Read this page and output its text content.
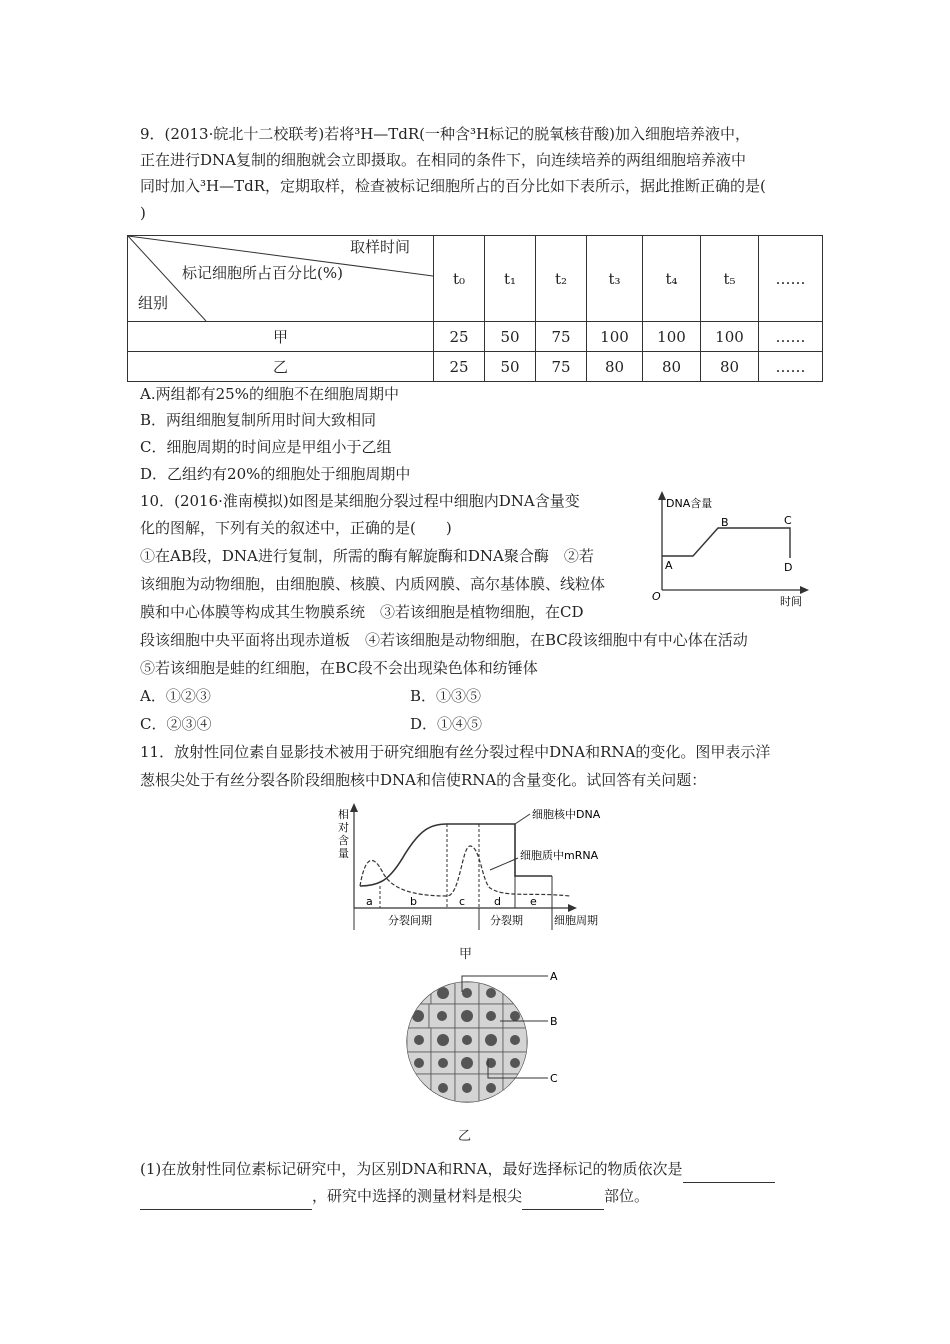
9．(2013·皖北十二校联考)若将³H—TdR(一种含³H标记的脱氧核苷酸)加入细胞培养液中，
正在进行DNA复制的细胞就会立即摄取。在相同的条件下，向连续培养的两组细胞培养液中
同时加入³H—TdR，定期取样，检查被标记细胞所占的百分比如下表所示，据此推断正确的是(
)
取样时间
标记细胞所占百分比(%)
组别	t₀	t₁	t₂	t₃	t₄	t₅	……
甲	25	50	75	100	100	100	……
乙	25	50	75	80	80	80	……
A.两组都有25%的细胞不在细胞周期中
B．两组细胞复制所用时间大致相同
C．细胞周期的时间应是甲组小于乙组
D．乙组约有20%的细胞处于细胞周期中
10．(2016·淮南模拟)如图是某细胞分裂过程中细胞内DNA含量变
化的图解，下列有关的叙述中，正确的是(　　)
①在AB段，DNA进行复制，所需的酶有解旋酶和DNA聚合酶　②若
该细胞为动物细胞，由细胞膜、核膜、内质网膜、高尔基体膜、线粒体
膜和中心体膜等构成其生物膜系统　③若该细胞是植物细胞，在CD
段该细胞中央平面将出现赤道板　④若该细胞是动物细胞，在BC段该细胞中有中心体在活动
⑤若该细胞是蛙的红细胞，在BC段不会出现染色体和纺锤体
DNA含量
时间
O
A
B	C
D
A．①②③	B．①③⑤
C．②③④	D．①④⑤
11．放射性同位素自显影技术被用于研究细胞有丝分裂过程中DNA和RNA的变化。图甲表示洋
葱根尖处于有丝分裂各阶段细胞核中DNA和信使RNA的含量变化。试回答有关问题：
相
对
含
量
细胞核中DNA
细胞质中mRNA
a	b	c	d	e
分裂间期	分裂期	细胞周期
甲
A
B
C
乙
(1)在放射性同位素标记研究中，为区别DNA和RNA，最好选择标记的物质依次是
，研究中选择的测量材料是根尖	部位。
